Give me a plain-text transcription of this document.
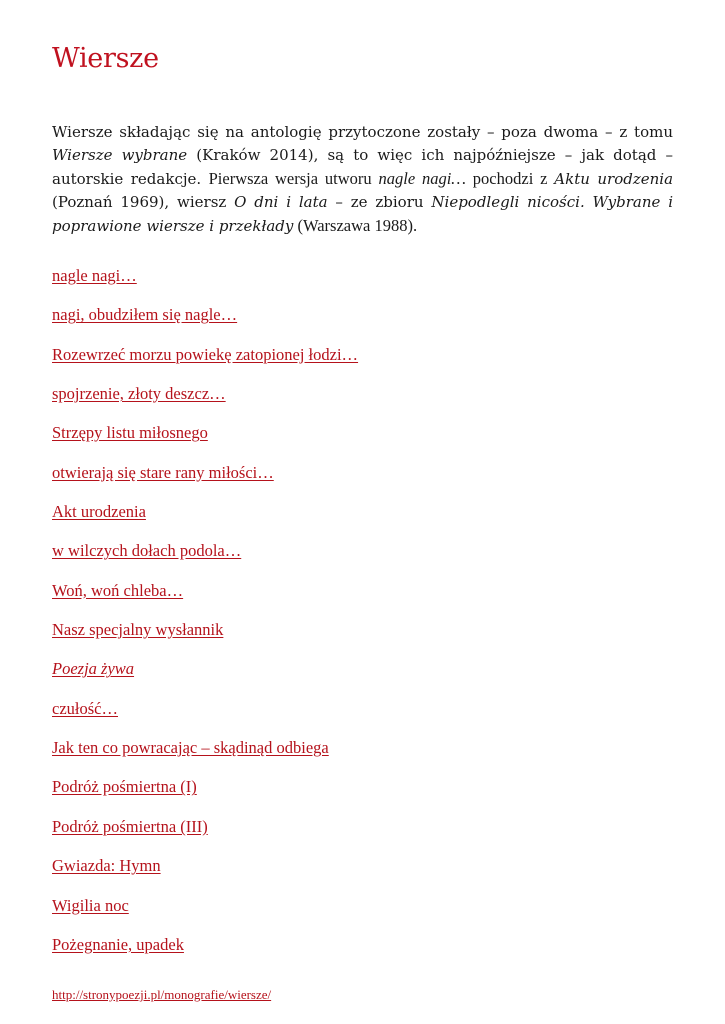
Wiersze

Wiersze składając się na antologię przytoczone zostały – poza dwoma – z tomu Wiersze wybrane (Kraków 2014), są to więc ich najpóźniejsze – jak dotąd – autorskie redakcje. Pierwsza wersja utworu nagle nagi… pochodzi z Aktu urodzenia (Poznań 1969), wiersz O dni i lata – ze zbioru Niepodlegli nicości. Wybrane i poprawione wiersze i przekłady (Warszawa 1988).

nagle nagi…
nagi, obudziłem się nagle…
Rozewrzeć morzu powiekę zatopionej łodzi…
spojrzenie, złoty deszcz…
Strzępy listu miłosnego
otwierają się stare rany miłości…
Akt urodzenia
w wilczych dołach podola…
Woń, woń chleba…
Nasz specjalny wysłannik
Poezja żywa
czułość…
Jak ten co powracając – skądinąd odbiega
Podróż pośmiertna (I)
Podróż pośmiertna (III)
Gwiazda: Hymn
Wigilia noc
Pożegnanie, upadek
http://stronypoezji.pl/monografie/wiersze/
